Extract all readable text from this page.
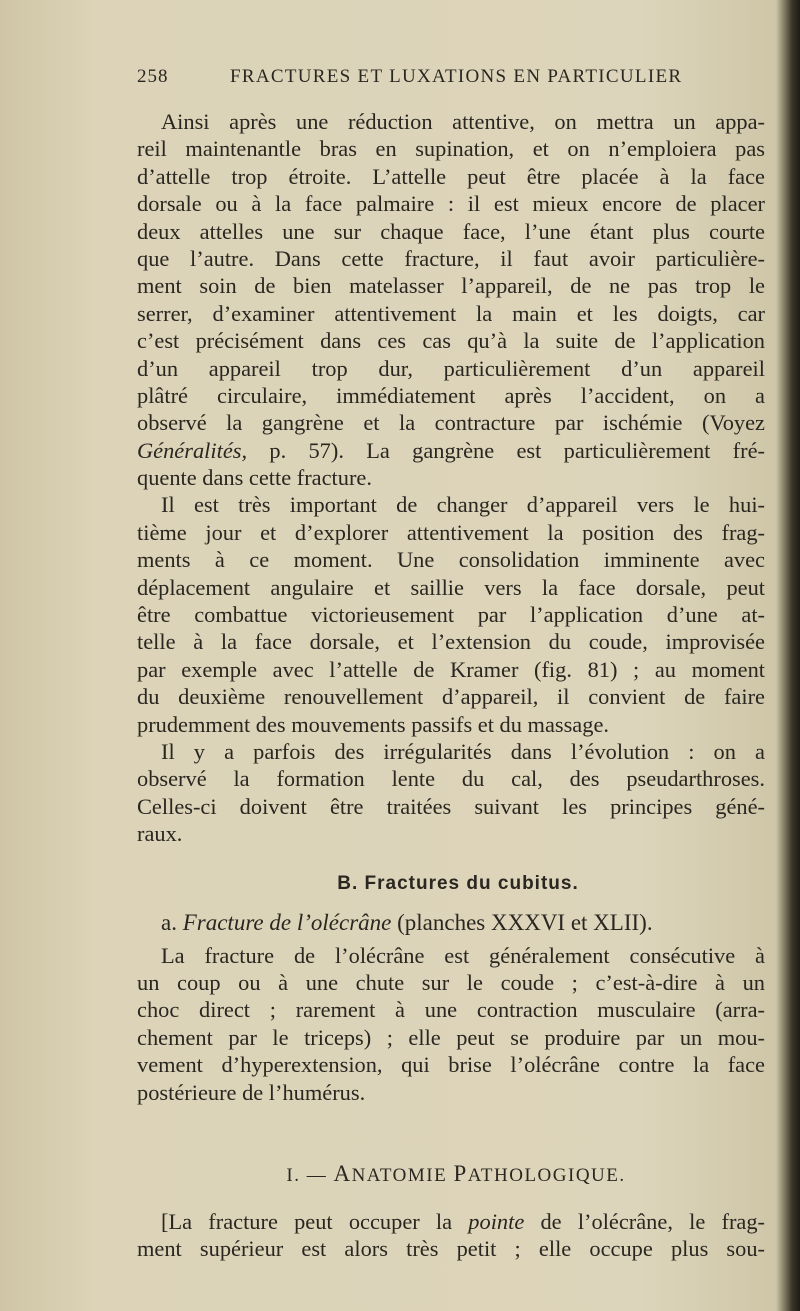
258	FRACTURES ET LUXATIONS EN PARTICULIER
Ainsi après une réduction attentive, on mettra un appa-
reil maintenantle bras en supination, et on n’emploiera pas
d’attelle trop étroite. L’attelle peut être placée à la face
dorsale ou à la face palmaire : il est mieux encore de placer
deux attelles une sur chaque face, l’une étant plus courte
que l’autre. Dans cette fracture, il faut avoir particulière-
ment soin de bien matelasser l’appareil, de ne pas trop le
serrer, d’examiner attentivement la main et les doigts, car
c’est précisément dans ces cas qu’à la suite de l’application
d’un appareil trop dur, particulièrement d’un appareil
plâtré circulaire, immédiatement après l’accident, on a
observé la gangrène et la contracture par ischémie (Voyez
Généralités, p. 57). La gangrène est particulièrement fré-
quente dans cette fracture.
Il est très important de changer d’appareil vers le hui-
tième jour et d’explorer attentivement la position des frag-
ments à ce moment. Une consolidation imminente avec
déplacement angulaire et saillie vers la face dorsale, peut
être combattue victorieusement par l’application d’une at-
telle à la face dorsale, et l’extension du coude, improvisée
par exemple avec l’attelle de Kramer (fig. 81) ; au moment
du deuxième renouvellement d’appareil, il convient de faire
prudemment des mouvements passifs et du massage.
Il y a parfois des irrégularités dans l’évolution : on a
observé la formation lente du cal, des pseudarthroses.
Celles-ci doivent être traitées suivant les principes géné-
raux.
B. Fractures du cubitus.
a. Fracture de l’olécrâne (planches XXXVI et XLII).
La fracture de l’olécrâne est généralement consécutive à
un coup ou à une chute sur le coude ; c’est-à-dire à un
choc direct ; rarement à une contraction musculaire (arra-
chement par le triceps) ; elle peut se produire par un mou-
vement d’hyperextension, qui brise l’olécrâne contre la face
postérieure de l’humérus.
I. — ANATOMIE PATHOLOGIQUE.
[La fracture peut occuper la pointe de l’olécrâne, le frag-
ment supérieur est alors très petit ; elle occupe plus sou-
